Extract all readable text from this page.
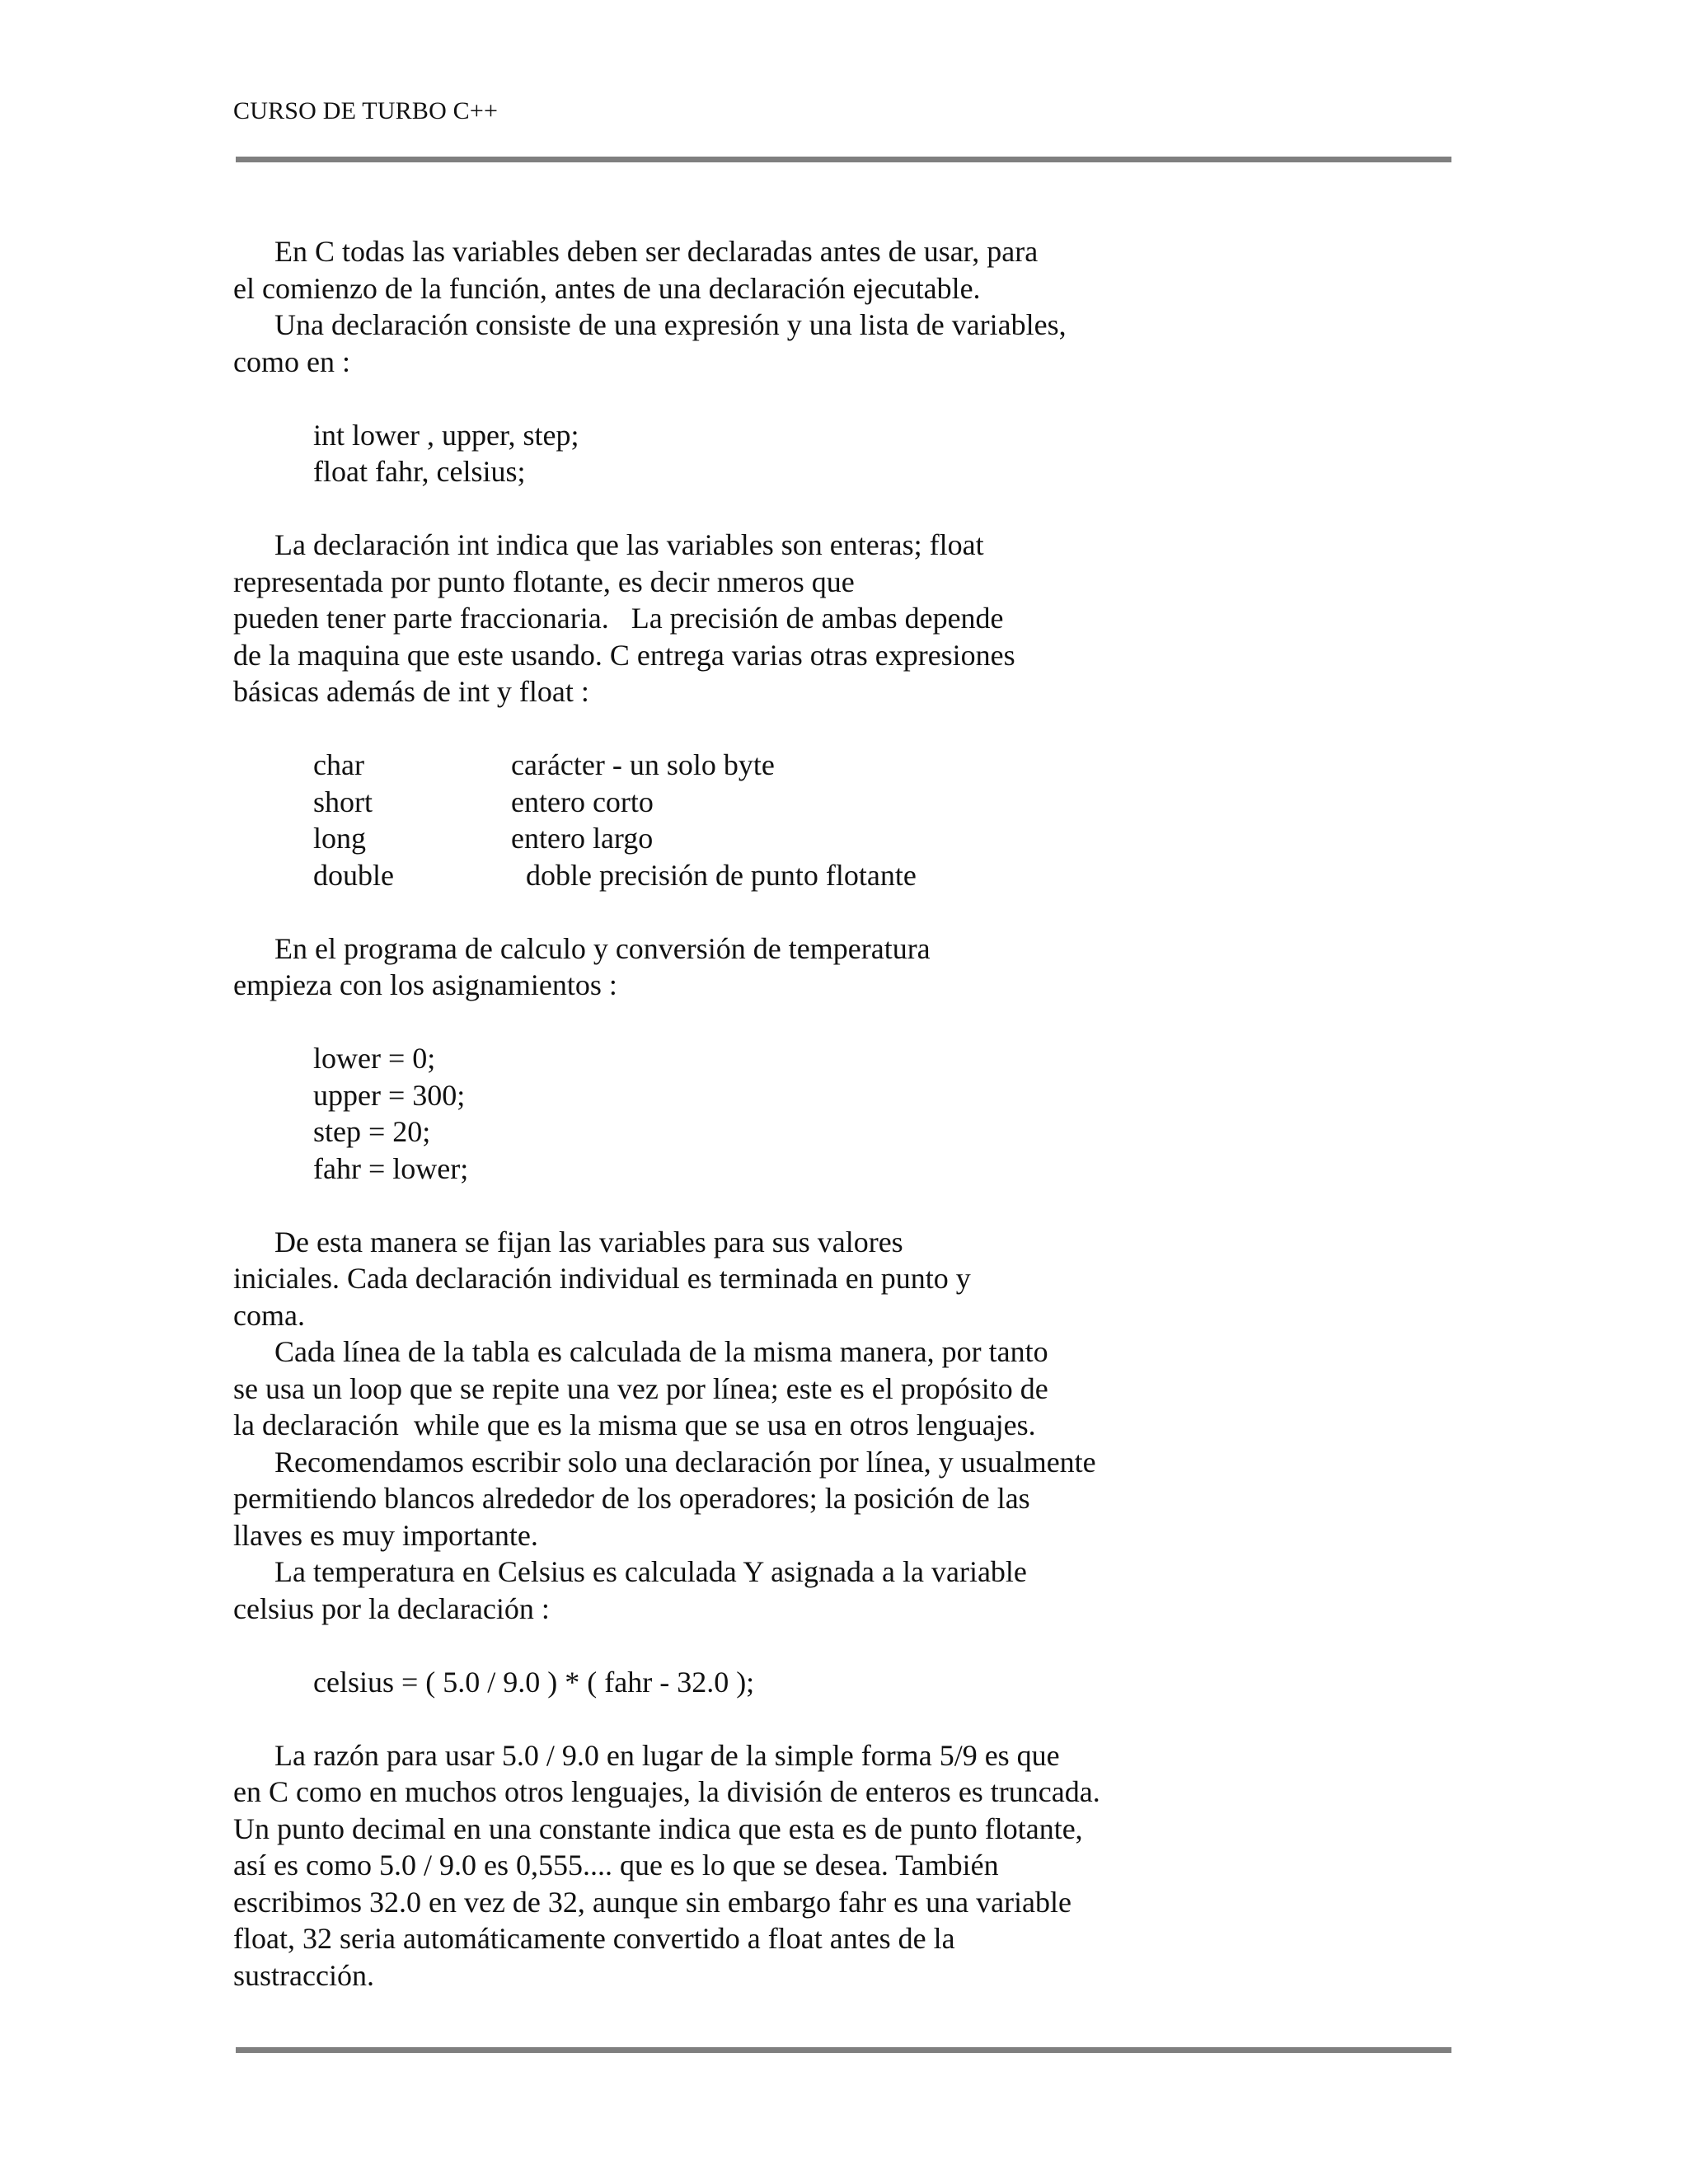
CURSO DE TURBO C++
En C todas las variables deben ser declaradas antes de usar, para
el comienzo de la función, antes de una declaración ejecutable.
Una declaración consiste de una expresión y una lista de variables,
como en :
int lower , upper, step;
float fahr, celsius;
La declaración int indica que las variables son enteras; float
representada por punto flotante, es decir nmeros que
pueden tener parte fraccionaria.   La precisión de ambas depende
de la maquina que este usando. C entrega varias otras expresiones
básicas además de int y float :
char	carácter - un solo byte
short	entero corto
long	entero largo
double	doble precisión de punto flotante
En el programa de calculo y conversión de temperatura
empieza con los asignamientos :
lower = 0;
upper = 300;
step = 20;
fahr = lower;
De esta manera se fijan las variables para sus valores
iniciales. Cada declaración individual es terminada en punto y
coma.
Cada línea de la tabla es calculada de la misma manera, por tanto
se usa un loop que se repite una vez por línea; este es el propósito de
la declaración  while que es la misma que se usa en otros lenguajes.
Recomendamos escribir solo una declaración por línea, y usualmente
permitiendo blancos alrededor de los operadores; la posición de las
llaves es muy importante.
La temperatura en Celsius es calculada Y asignada a la variable
celsius por la declaración :
celsius = ( 5.0 / 9.0 ) * ( fahr - 32.0 );
La razón para usar 5.0 / 9.0 en lugar de la simple forma 5/9 es que
en C como en muchos otros lenguajes, la división de enteros es truncada.
Un punto decimal en una constante indica que esta es de punto flotante,
así es como 5.0 / 9.0 es 0,555.... que es lo que se desea. También
escribimos 32.0 en vez de 32, aunque sin embargo fahr es una variable
float, 32 seria automáticamente convertido a float antes de la
sustracción.
